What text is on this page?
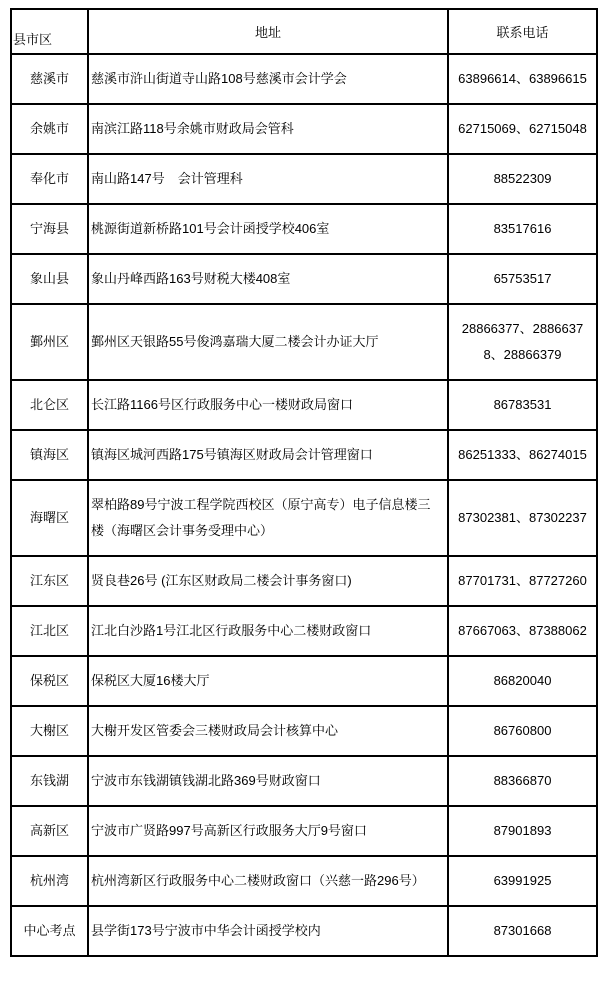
县市区	地址	联系电话
慈溪市	慈溪市浒山街道寺山路108号慈溪市会计学会	63896614、63896615
余姚市	南滨江路118号余姚市财政局会管科	62715069、62715048
奉化市	南山路147号　会计管理科	88522309
宁海县	桃源街道新桥路101号会计函授学校406室	83517616
象山县	象山丹峰西路163号财税大楼408室	65753517
鄞州区	鄞州区天银路55号俊鸿嘉瑞大厦二楼会计办证大厅	28866377、28866378、28866379
北仑区	长江路1166号区行政服务中心一楼财政局窗口	86783531
镇海区	镇海区城河西路175号镇海区财政局会计管理窗口	86251333、86274015
海曙区	翠柏路89号宁波工程学院西校区（原宁高专）电子信息楼三楼（海曙区会计事务受理中心）	87302381、87302237
江东区	贤良巷26号 (江东区财政局二楼会计事务窗口)	87701731、87727260
江北区	江北白沙路1号江北区行政服务中心二楼财政窗口	87667063、87388062
保税区	保税区大厦16楼大厅	86820040
大榭区	大榭开发区管委会三楼财政局会计核算中心	86760800
东钱湖	宁波市东钱湖镇钱湖北路369号财政窗口	88366870
高新区	宁波市广贤路997号高新区行政服务大厅9号窗口	87901893
杭州湾	杭州湾新区行政服务中心二楼财政窗口（兴慈一路296号）	63991925
中心考点	县学街173号宁波市中华会计函授学校内	87301668
